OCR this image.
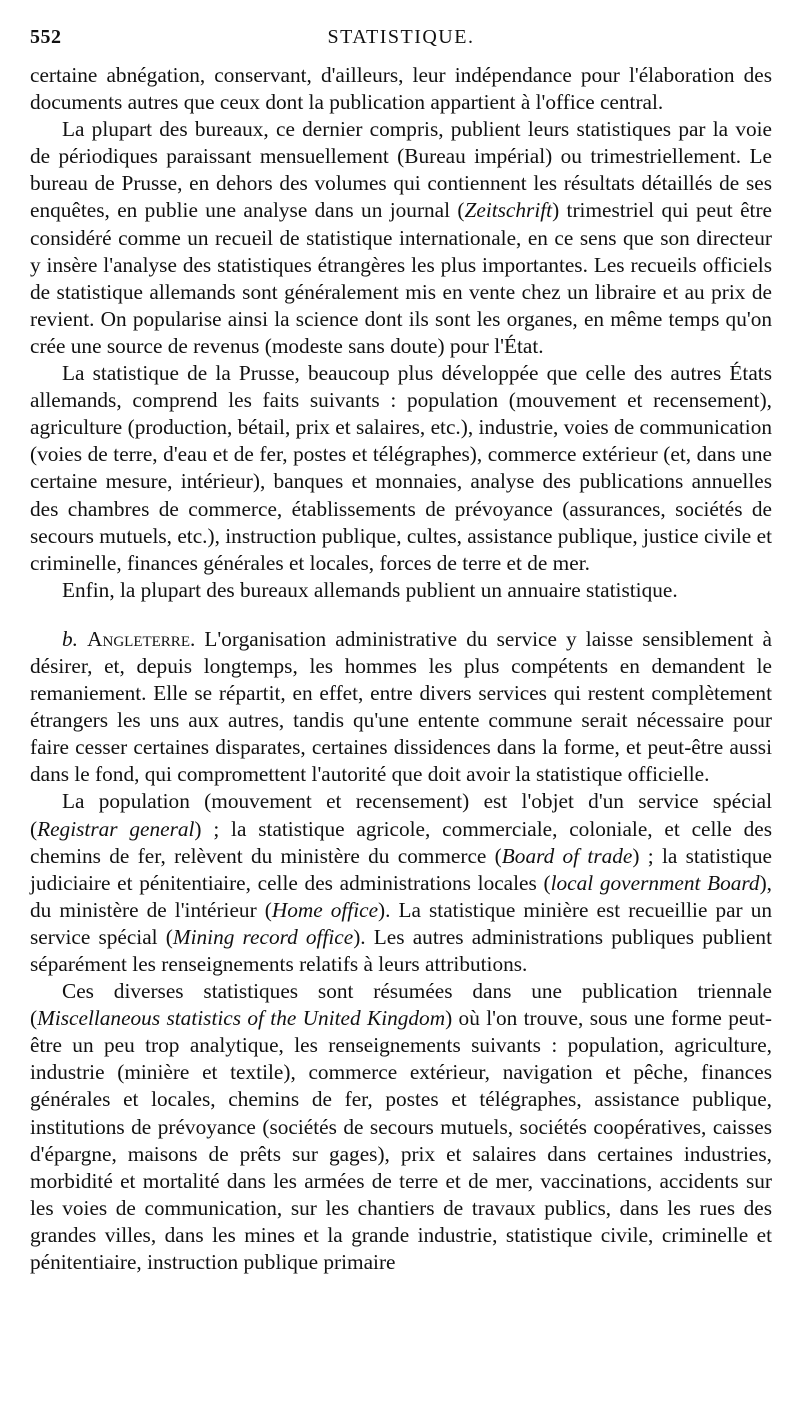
552	STATISTIQUE.

certaine abnégation, conservant, d'ailleurs, leur indépendance pour l'élaboration des documents autres que ceux dont la publication appartient à l'office central.

La plupart des bureaux, ce dernier compris, publient leurs statistiques par la voie de périodiques paraissant mensuellement (Bureau impérial) ou trimestriellement. Le bureau de Prusse, en dehors des volumes qui contiennent les résultats détaillés de ses enquêtes, en publie une analyse dans un journal (Zeitschrift) trimestriel qui peut être considéré comme un recueil de statistique internationale, en ce sens que son directeur y insère l'analyse des statistiques étrangères les plus importantes. Les recueils officiels de statistique allemands sont généralement mis en vente chez un libraire et au prix de revient. On popularise ainsi la science dont ils sont les organes, en même temps qu'on crée une source de revenus (modeste sans doute) pour l'État.

La statistique de la Prusse, beaucoup plus développée que celle des autres États allemands, comprend les faits suivants : population (mouvement et recensement), agriculture (production, bétail, prix et salaires, etc.), industrie, voies de communication (voies de terre, d'eau et de fer, postes et télégraphes), commerce extérieur (et, dans une certaine mesure, intérieur), banques et monnaies, analyse des publications annuelles des chambres de commerce, établissements de prévoyance (assurances, sociétés de secours mutuels, etc.), instruction publique, cultes, assistance publique, justice civile et criminelle, finances générales et locales, forces de terre et de mer.

Enfin, la plupart des bureaux allemands publient un annuaire statistique.

b. Angleterre. L'organisation administrative du service y laisse sensiblement à désirer, et, depuis longtemps, les hommes les plus compétents en demandent le remaniement. Elle se répartit, en effet, entre divers services qui restent complètement étrangers les uns aux autres, tandis qu'une entente commune serait nécessaire pour faire cesser certaines disparates, certaines dissidences dans la forme, et peut-être aussi dans le fond, qui compromettent l'autorité que doit avoir la statistique officielle.

La population (mouvement et recensement) est l'objet d'un service spécial (Registrar general) ; la statistique agricole, commerciale, coloniale, et celle des chemins de fer, relèvent du ministère du commerce (Board of trade) ; la statistique judiciaire et pénitentiaire, celle des administrations locales (local government Board), du ministère de l'intérieur (Home office). La statistique minière est recueillie par un service spécial (Mining record office). Les autres administrations publiques publient séparément les renseignements relatifs à leurs attributions.

Ces diverses statistiques sont résumées dans une publication triennale (Miscellaneous statistics of the United Kingdom) où l'on trouve, sous une forme peut-être un peu trop analytique, les renseignements suivants : population, agriculture, industrie (minière et textile), commerce extérieur, navigation et pêche, finances générales et locales, chemins de fer, postes et télégraphes, assistance publique, institutions de prévoyance (sociétés de secours mutuels, sociétés coopératives, caisses d'épargne, maisons de prêts sur gages), prix et salaires dans certaines industries, morbidité et mortalité dans les armées de terre et de mer, vaccinations, accidents sur les voies de communication, sur les chantiers de travaux publics, dans les rues des grandes villes, dans les mines et la grande industrie, statistique civile, criminelle et pénitentiaire, instruction publique primaire
